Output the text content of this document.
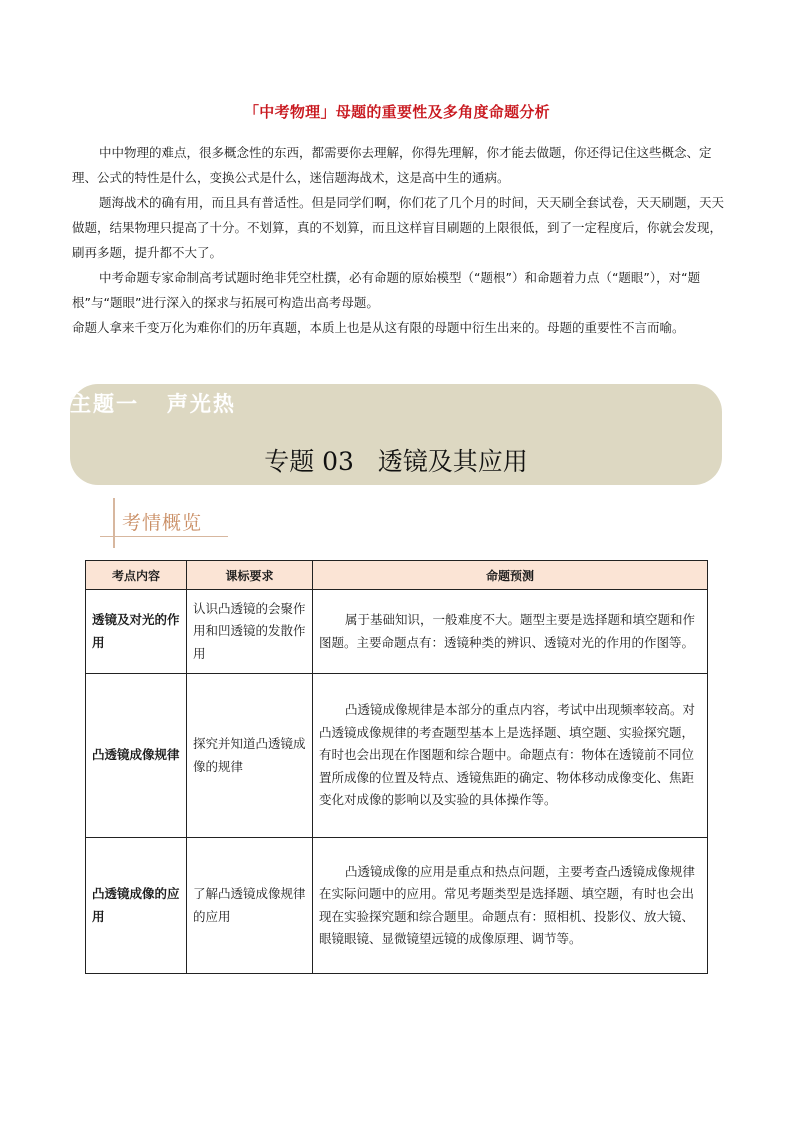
「中考物理」母题的重要性及多角度命题分析

中中物理的难点，很多概念性的东西，都需要你去理解，你得先理解，你才能去做题，你还得记住这些概念、定理、公式的特性是什么，变换公式是什么，迷信题海战术，这是高中生的通病。

题海战术的确有用，而且具有普适性。但是同学们啊，你们花了几个月的时间，天天刷全套试卷，天天刷题，天天做题，结果物理只提高了十分。不划算，真的不划算，而且这样盲目刷题的上限很低，到了一定程度后，你就会发现，刷再多题，提升都不大了。

中考命题专家命制高考试题时绝非凭空杜撰，必有命题的原始模型（“题根”）和命题着力点（“题眼”），对“题根”与“题眼”进行深入的探求与拓展可构造出高考母题。

命题人拿来千变万化为难你们的历年真题，本质上也是从这有限的母题中衍生出来的。母题的重要性不言而喻。

主题一   声光热
专题 03   透镜及其应用
考情概览
考点内容	课标要求	命题预测
透镜及对光的作用	认识凸透镜的会聚作用和凹透镜的发散作用	属于基础知识，一般难度不大。题型主要是选择题和填空题和作图题。主要命题点有：透镜种类的辨识、透镜对光的作用的作图等。
凸透镜成像规律	探究并知道凸透镜成像的规律	凸透镜成像规律是本部分的重点内容，考试中出现频率较高。对凸透镜成像规律的考查题型基本上是选择题、填空题、实验探究题，有时也会出现在作图题和综合题中。命题点有：物体在透镜前不同位置所成像的位置及特点、透镜焦距的确定、物体移动成像变化、焦距变化对成像的影响以及实验的具体操作等。
凸透镜成像的应用	了解凸透镜成像规律的应用	凸透镜成像的应用是重点和热点问题，主要考查凸透镜成像规律在实际问题中的应用。常见考题类型是选择题、填空题，有时也会出现在实验探究题和综合题里。命题点有：照相机、投影仪、放大镜、眼镜眼镜、显微镜望远镜的成像原理、调节等。
